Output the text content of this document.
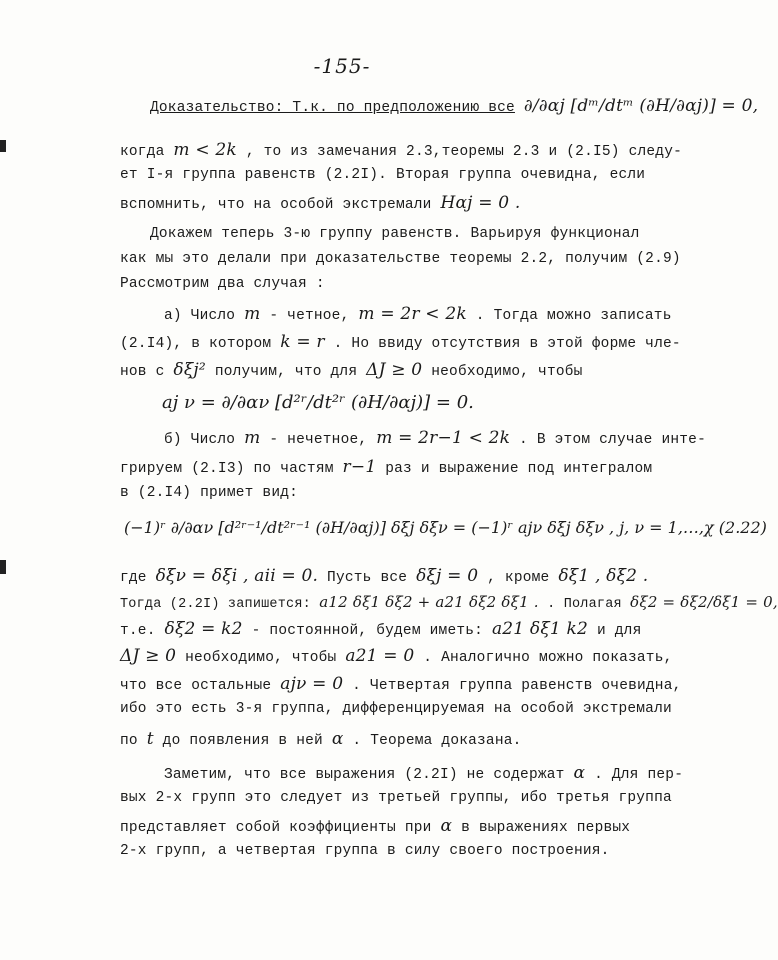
-155-
Доказательство: Т.к. по предположению все ∂/∂αj [dᵐ/dtᵐ (∂H/∂αj)] = 0,
когда m < 2k , то из замечания 2.3,теоремы 2.3 и (2.I5) следу-
ет I-я группа равенств (2.2I). Вторая группа очевидна, если
вспомнить, что на особой экстремали Hαj = 0 .
Докажем теперь 3-ю группу равенств. Варьируя функционал
как мы это делали при доказательстве теоремы 2.2, получим (2.9)
Рассмотрим два случая :
а) Число m - четное, m = 2r < 2k . Тогда можно записать
(2.I4), в котором k = r . Но ввиду отсутствия в этой форме чле-
нов с δξj² получим, что для ΔJ ≥ 0 необходимо, чтобы
aj ν = ∂/∂αν [d²ʳ/dt²ʳ (∂H/∂αj)] = 0.
б) Число m - нечетное, m = 2r−1 < 2k . В этом случае инте-
грируем (2.I3) по частям r−1 раз и выражение под интегралом
в (2.I4) примет вид:
(−1)ʳ ∂/∂αν [d²ʳ⁻¹/dt²ʳ⁻¹ (∂H/∂αj)] δξj δξν = (−1)ʳ ajν δξj δξν , j, ν = 1,…,χ (2.22)
где δξν = δξi , aii = 0. Пусть все δξj = 0 , кроме δξ1 , δξ2 .
Тогда (2.2I) запишется: a12 δξ1 δξ2 + a21 δξ2 δξ1 . . Полагая δξ2 = δξ2/δξ1 = 0,
т.е. δξ2 = k2 - постоянной, будем иметь: a21 δξ1 k2 и для
ΔJ ≥ 0 необходимо, чтобы a21 = 0 . Аналогично можно показать,
что все остальные ajν = 0 . Четвертая группа равенств очевидна,
ибо это есть 3-я группа, дифференцируемая на особой экстремали
по t до появления в ней α . Теорема доказана.
Заметим, что все выражения (2.2I) не содержат α . Для пер-
вых 2-х групп это следует из третьей группы, ибо третья группа
представляет собой коэффициенты при α в выражениях первых
2-х групп, а четвертая группа в силу своего построения.
